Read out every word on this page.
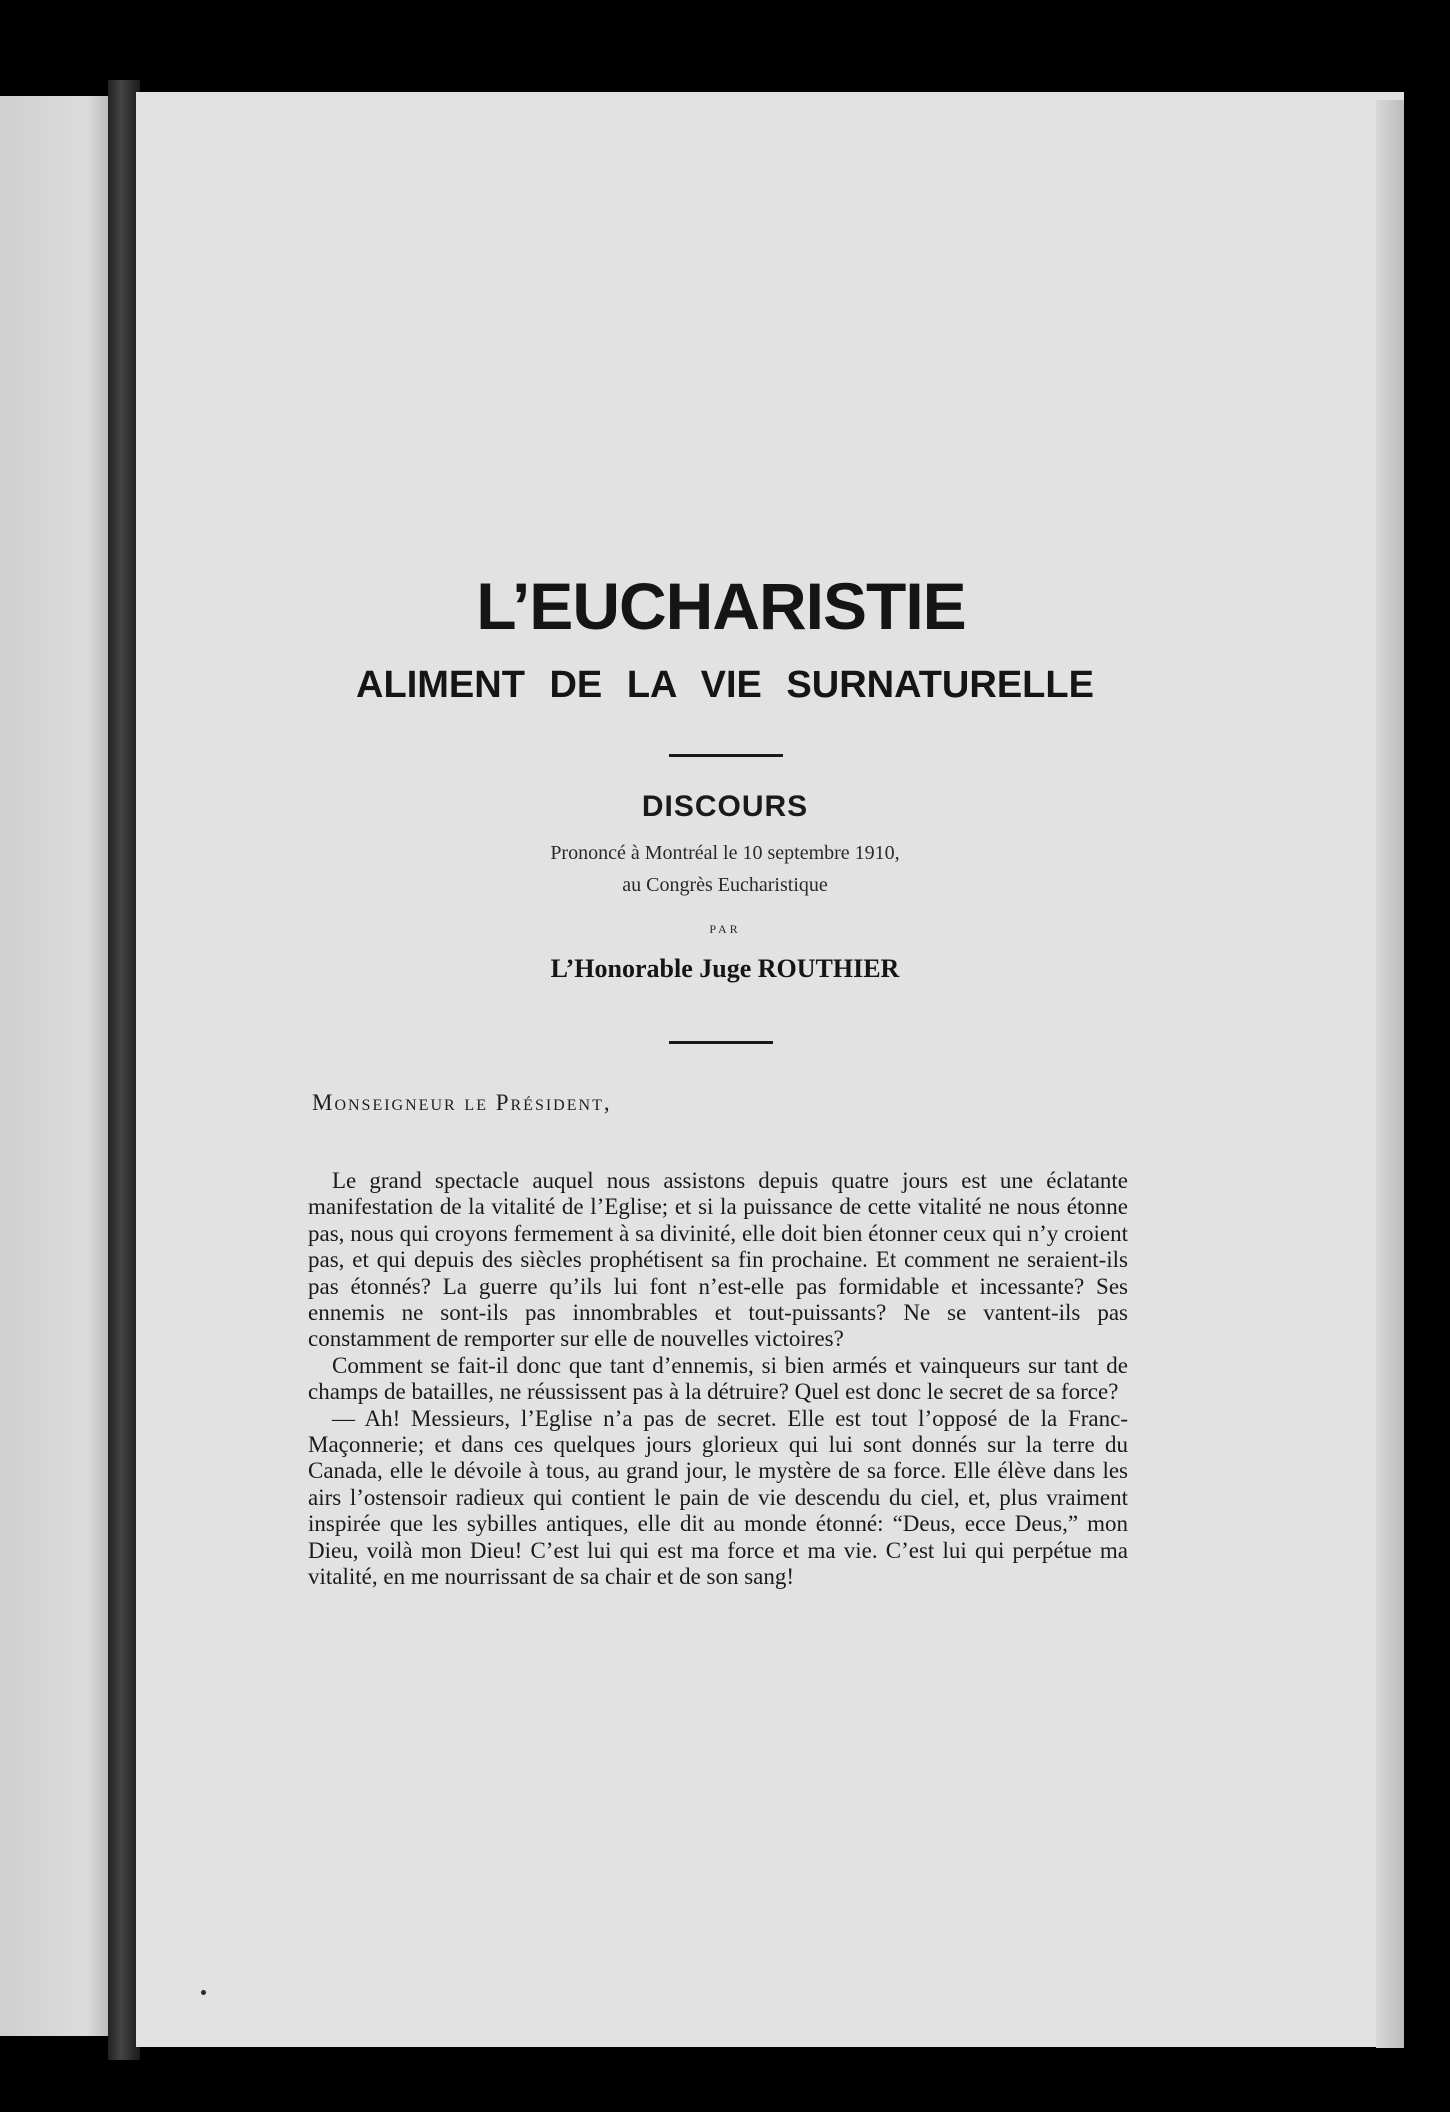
L’EUCHARISTIE
ALIMENT DE LA VIE SURNATURELLE
DISCOURS
Prononcé à Montréal le 10 septembre 1910,
au Congrès Eucharistique
PAR
L’Honorable Juge ROUTHIER
Monseigneur le Président,

Le grand spectacle auquel nous assistons depuis quatre jours est une éclatante manifestation de la vitalité de l’Eglise; et si la puissance de cette vitalité ne nous étonne pas, nous qui croyons fermement à sa divinité, elle doit bien étonner ceux qui n’y croient pas, et qui depuis des siècles prophétisent sa fin prochaine. Et comment ne seraient-ils pas étonnés? La guerre qu’ils lui font n’est-elle pas formidable et incessante? Ses ennemis ne sont-ils pas innombrables et tout-puissants? Ne se vantent-ils pas constamment de remporter sur elle de nouvelles victoires?

Comment se fait-il donc que tant d’ennemis, si bien armés et vainqueurs sur tant de champs de batailles, ne réussissent pas à la détruire? Quel est donc le secret de sa force?

— Ah! Messieurs, l’Eglise n’a pas de secret. Elle est tout l’opposé de la Franc-Maçonnerie; et dans ces quelques jours glorieux qui lui sont donnés sur la terre du Canada, elle le dévoile à tous, au grand jour, le mystère de sa force. Elle élève dans les airs l’ostensoir radieux qui contient le pain de vie descendu du ciel, et, plus vraiment inspirée que les sybilles antiques, elle dit au monde étonné: “Deus, ecce Deus,” mon Dieu, voilà mon Dieu! C’est lui qui est ma force et ma vie. C’est lui qui perpétue ma vitalité, en me nourrissant de sa chair et de son sang!
